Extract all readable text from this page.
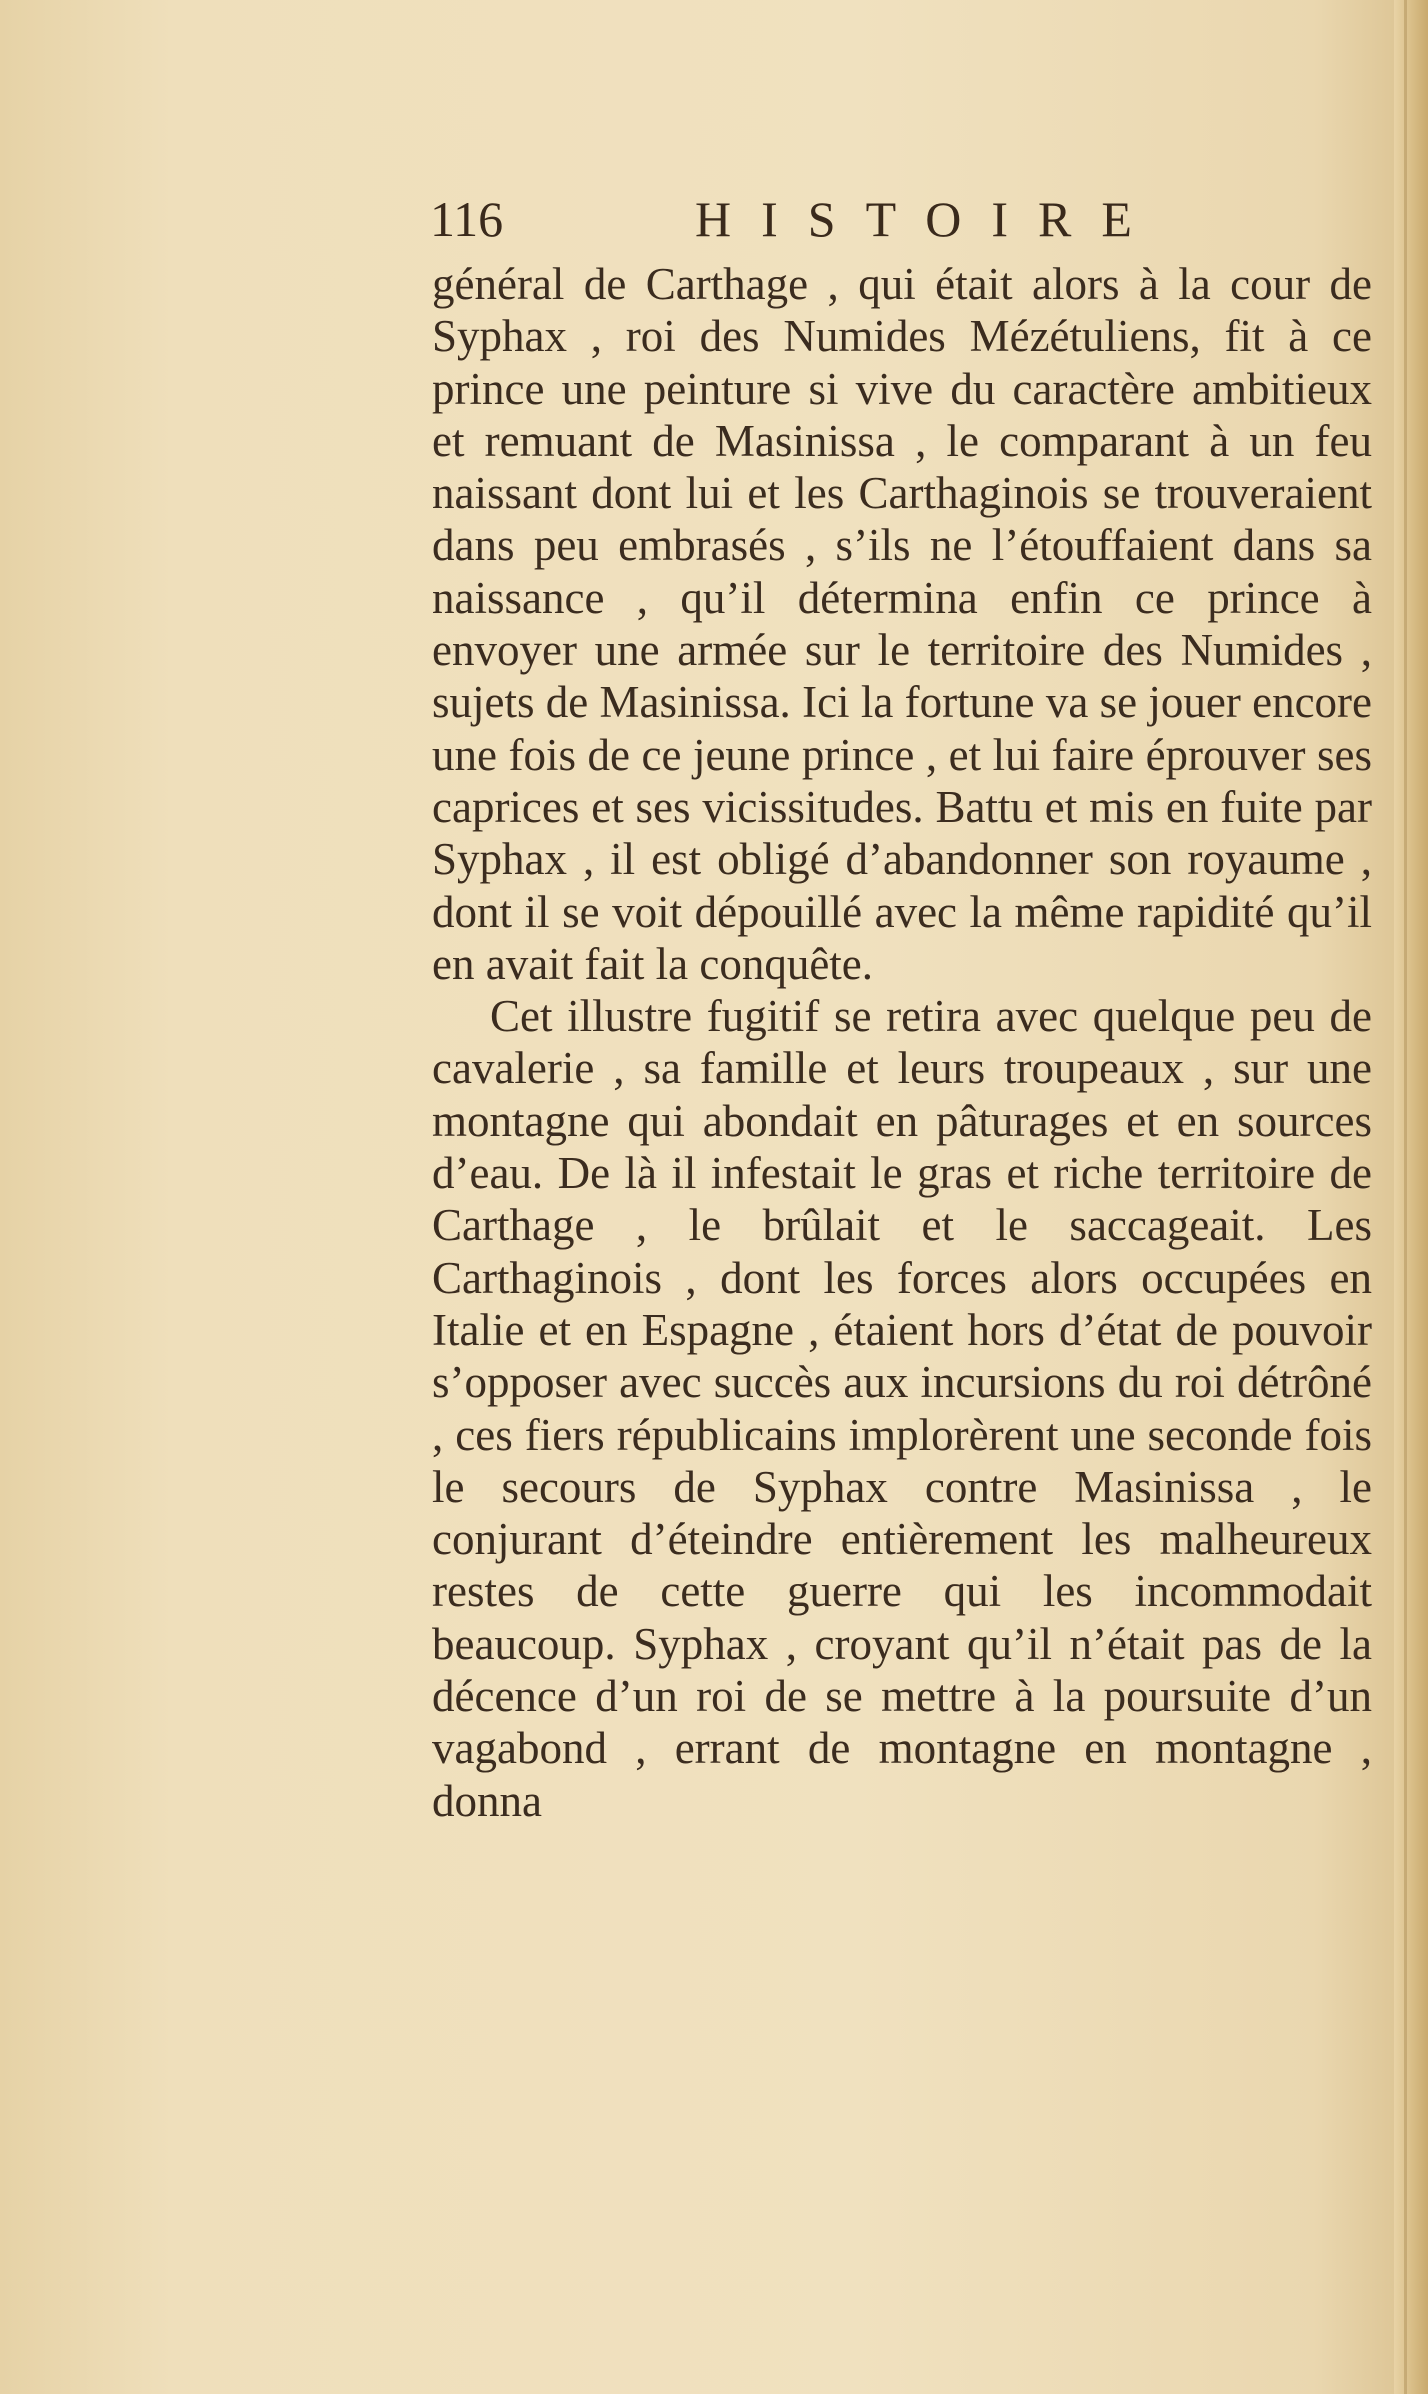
116	HISTOIRE

général de Carthage , qui était alors à la cour de Syphax , roi des Numides Mézétuliens, fit à ce prince une peinture si vive du caractère ambitieux et remuant de Masinissa , le comparant à un feu naissant dont lui et les Carthaginois se trouveraient dans peu embrasés , s’ils ne l’étouffaient dans sa naissance , qu’il détermina enfin ce prince à envoyer une armée sur le territoire des Numides , sujets de Masinissa. Ici la fortune va se jouer encore une fois de ce jeune prince , et lui faire éprouver ses caprices et ses vicissitudes. Battu et mis en fuite par Syphax , il est obligé d’abandonner son royaume , dont il se voit dépouillé avec la même rapidité qu’il en avait fait la conquête.

Cet illustre fugitif se retira avec quelque peu de cavalerie , sa famille et leurs troupeaux , sur une montagne qui abondait en pâturages et en sources d’eau. De là il infestait le gras et riche territoire de Carthage , le brûlait et le saccageait. Les Carthaginois , dont les forces alors occupées en Italie et en Espagne , étaient hors d’état de pouvoir s’opposer avec succès aux incursions du roi détrôné , ces fiers républicains implorèrent une seconde fois le secours de Syphax contre Masinissa , le conjurant d’éteindre entièrement les malheureux restes de cette guerre qui les incommodait beaucoup. Syphax , croyant qu’il n’était pas de la décence d’un roi de se mettre à la poursuite d’un vagabond , errant de montagne en montagne , donna
